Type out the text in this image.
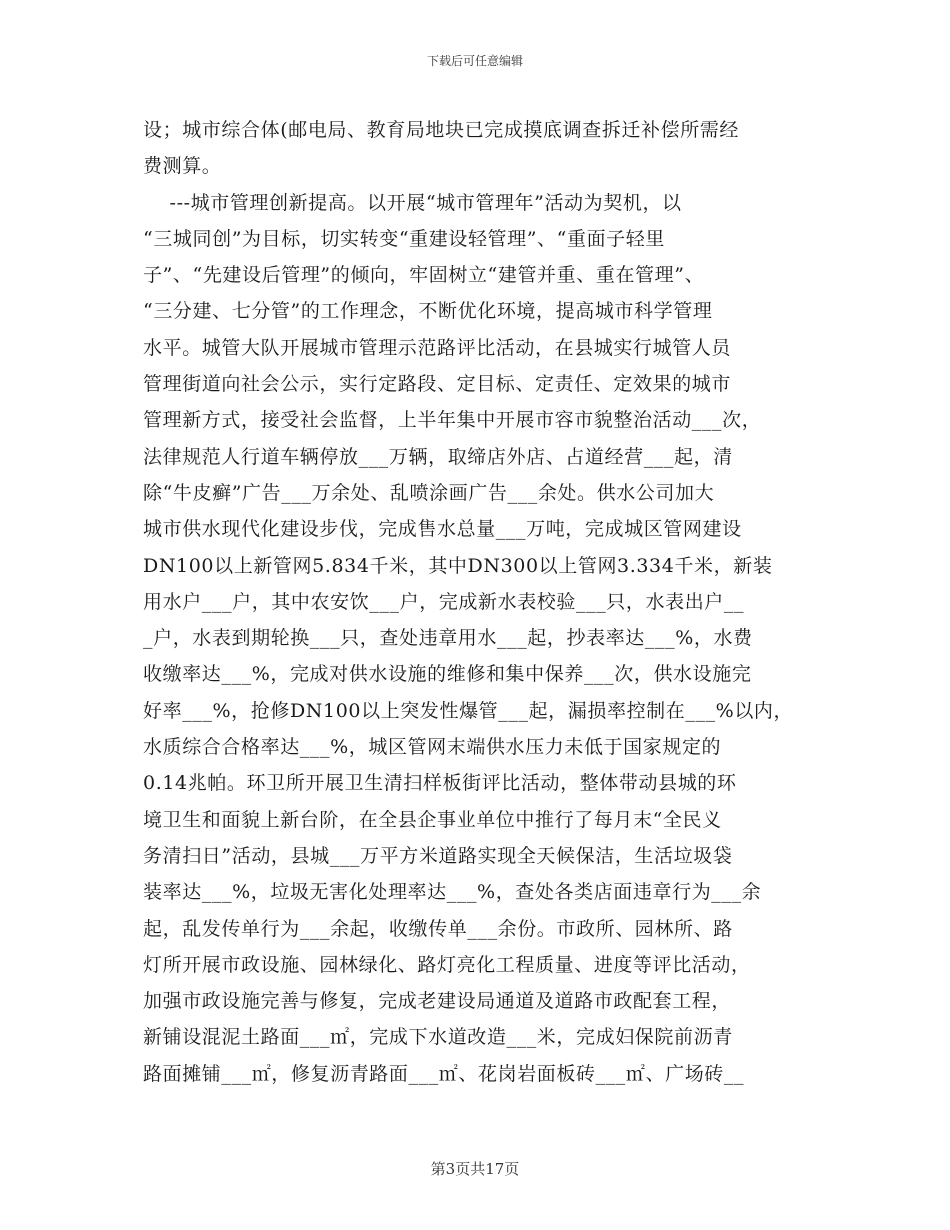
下载后可任意编辑
设；城市综合体(邮电局、教育局地块已完成摸底调查拆迁补偿所需经
费测算。
---城市管理创新提高。以开展“城市管理年”活动为契机，以
“三城同创”为目标，切实转变“重建设轻管理”、“重面子轻里
子”、“先建设后管理”的倾向，牢固树立“建管并重、重在管理”、
“三分建、七分管”的工作理念，不断优化环境，提高城市科学管理
水平。城管大队开展城市管理示范路评比活动，在县城实行城管人员
管理街道向社会公示，实行定路段、定目标、定责任、定效果的城市
管理新方式，接受社会监督，上半年集中开展市容市貌整治活动___次，
法律规范人行道车辆停放___万辆，取缔店外店、占道经营___起，清
除“牛皮癣”广告___万余处、乱喷涂画广告___余处。供水公司加大
城市供水现代化建设步伐，完成售水总量___万吨，完成城区管网建设
DN100以上新管网5.834千米，其中DN300以上管网3.334千米，新装
用水户___户，其中农安饮___户，完成新水表校验___只，水表出户__
_户，水表到期轮换___只，查处违章用水___起，抄表率达___%，水费
收缴率达___%，完成对供水设施的维修和集中保养___次，供水设施完
好率___%，抢修DN100以上突发性爆管___起，漏损率控制在___%以内，
水质综合合格率达___%，城区管网末端供水压力未低于国家规定的
0.14兆帕。环卫所开展卫生清扫样板街评比活动，整体带动县城的环
境卫生和面貌上新台阶，在全县企事业单位中推行了每月末“全民义
务清扫日”活动，县城___万平方米道路实现全天候保洁，生活垃圾袋
装率达___%，垃圾无害化处理率达___%，查处各类店面违章行为___余
起，乱发传单行为___余起，收缴传单___余份。市政所、园林所、路
灯所开展市政设施、园林绿化、路灯亮化工程质量、进度等评比活动，
加强市政设施完善与修复，完成老建设局通道及道路市政配套工程，
新铺设混泥土路面___㎡，完成下水道改造___米，完成妇保院前沥青
路面摊铺___㎡，修复沥青路面___㎡、花岗岩面板砖___㎡、广场砖__
第3页共17页
